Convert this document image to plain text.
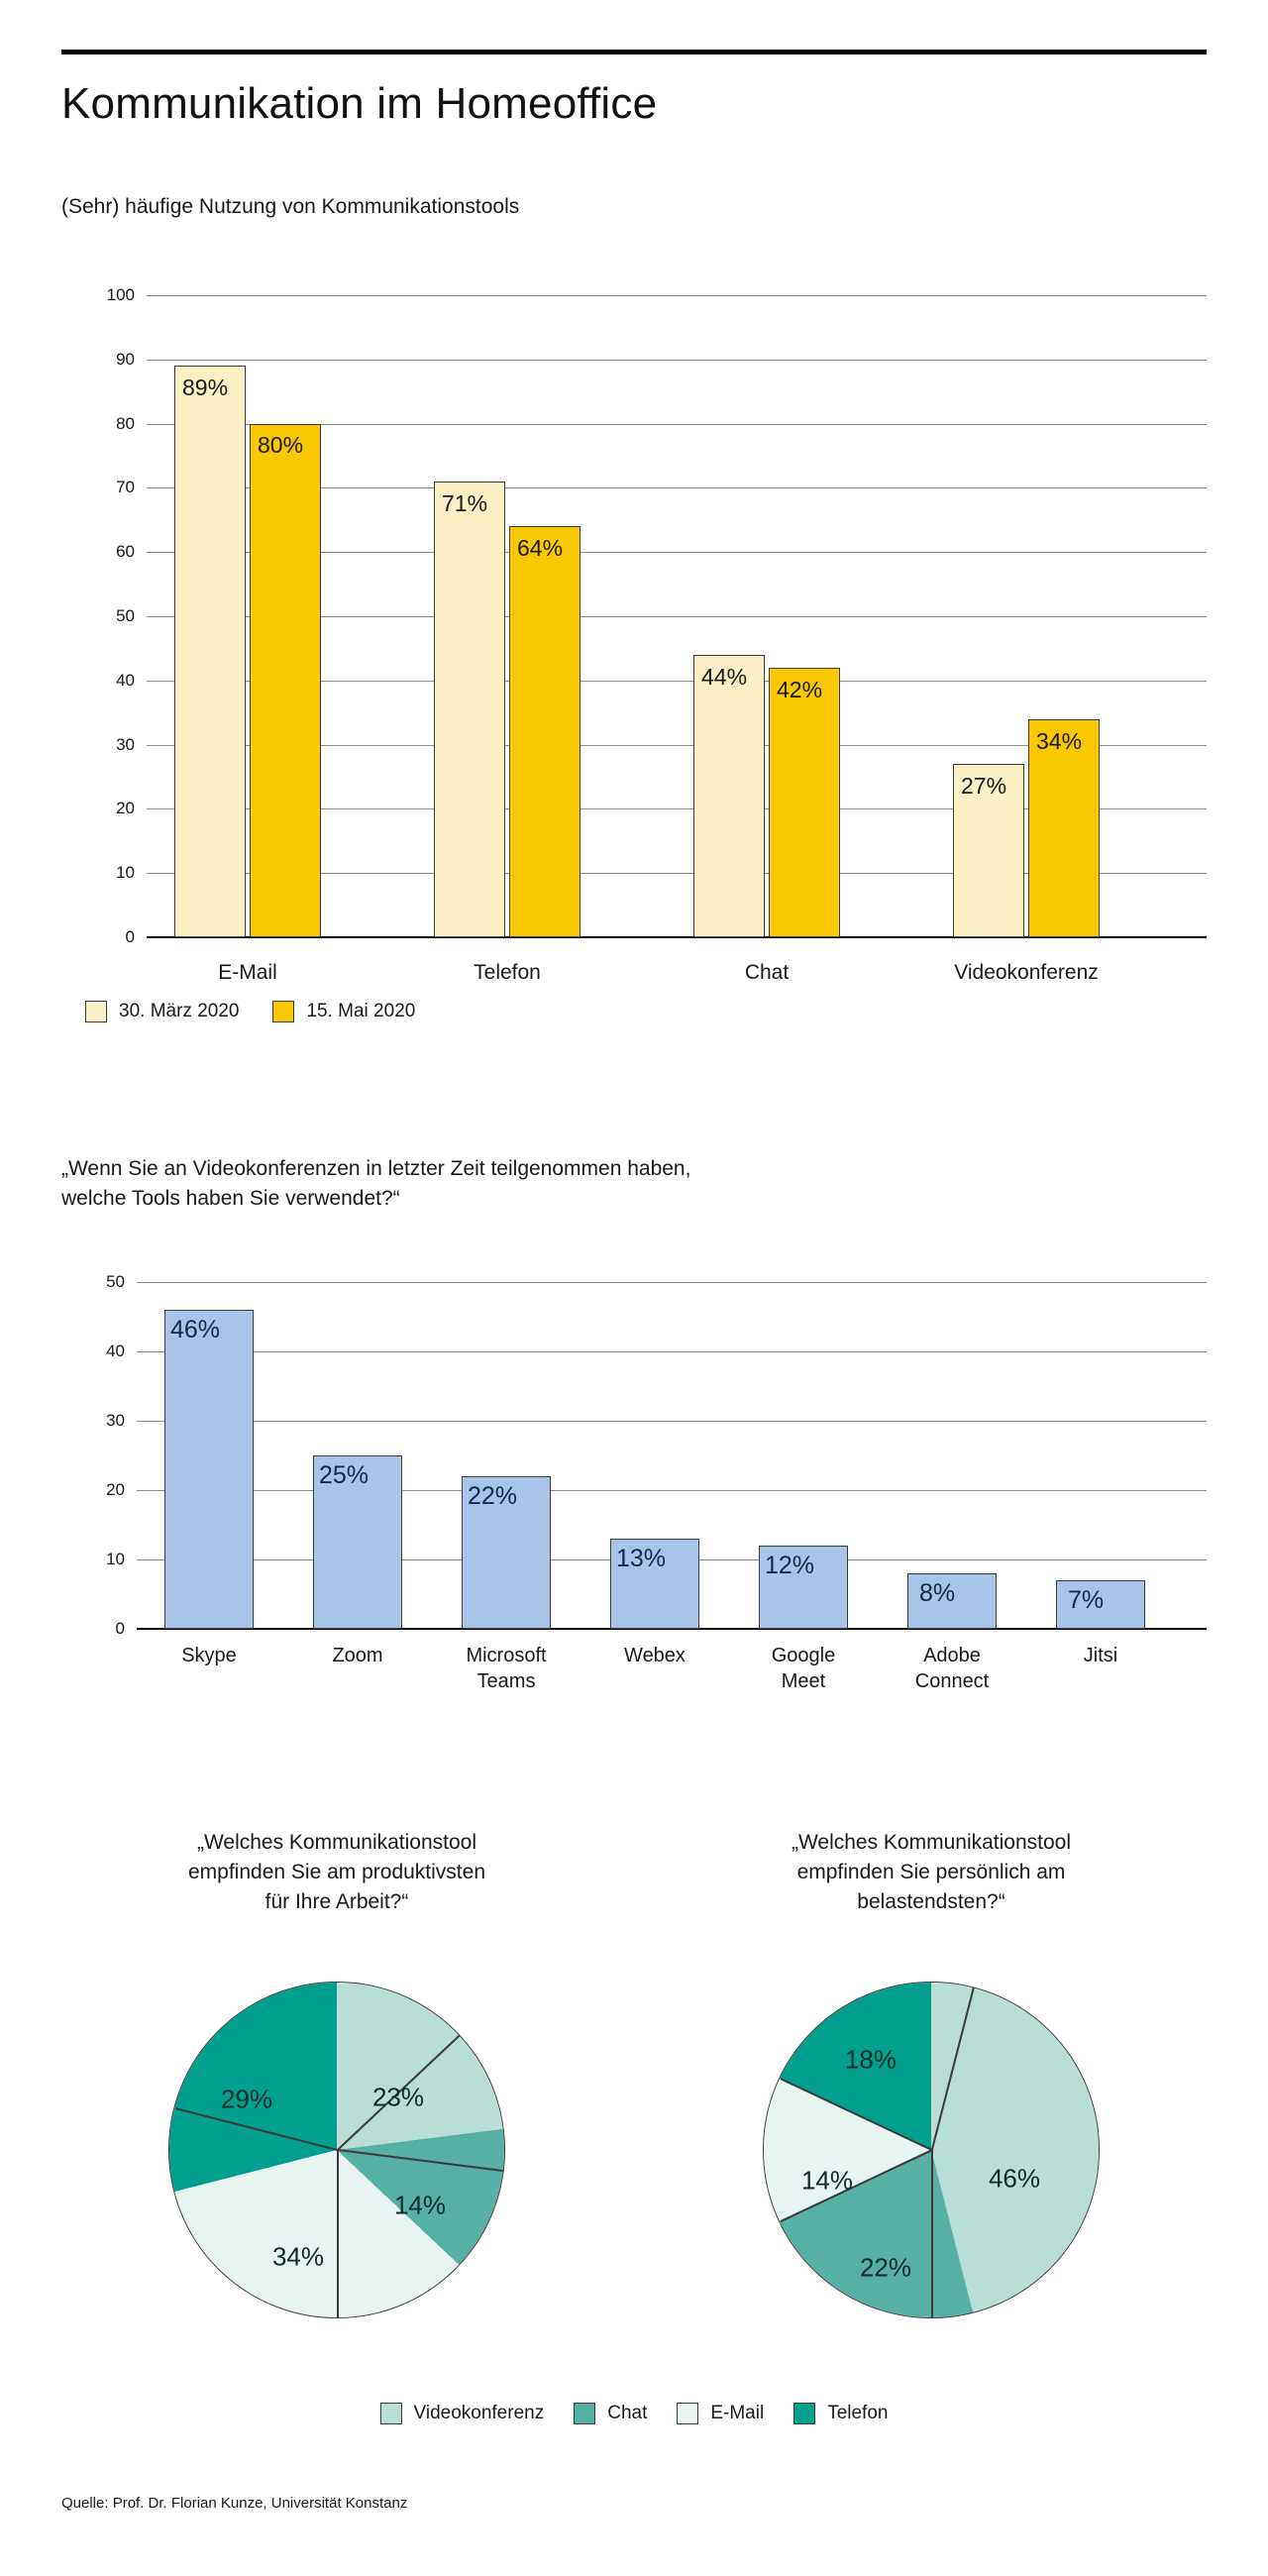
Kommunikation im Homeoffice
(Sehr) häufige Nutzung von Kommunikationstools
100
90
80
70
60
50
40
30
20
10
0
89%
80%
E-Mail
71%
64%
Telefon
44% 42%
Chat
27%
34%
Videokonferenz
30. März 2020	15. Mai 2020
„Wenn Sie an Videokonferenzen in letzter Zeit teilgenommen haben,
welche Tools haben Sie verwendet?“
50
40
30
20
10
0
46%
Skype
25%
Zoom
22%
Microsoft
Teams
13%
Webex
12%
Google
Meet
8%
Adobe
Connect
7%
Jitsi
„Welches Kommunikationstool
empfinden Sie am produktivsten
für Ihre Arbeit?“
23%
14%
34%
29%
„Welches Kommunikationstool
empfinden Sie persönlich am
belastendsten?“
46%
22%
14%
18%
Videokonferenz	Chat	E-Mail	Telefon
Quelle: Prof. Dr. Florian Kunze, Universität Konstanz
